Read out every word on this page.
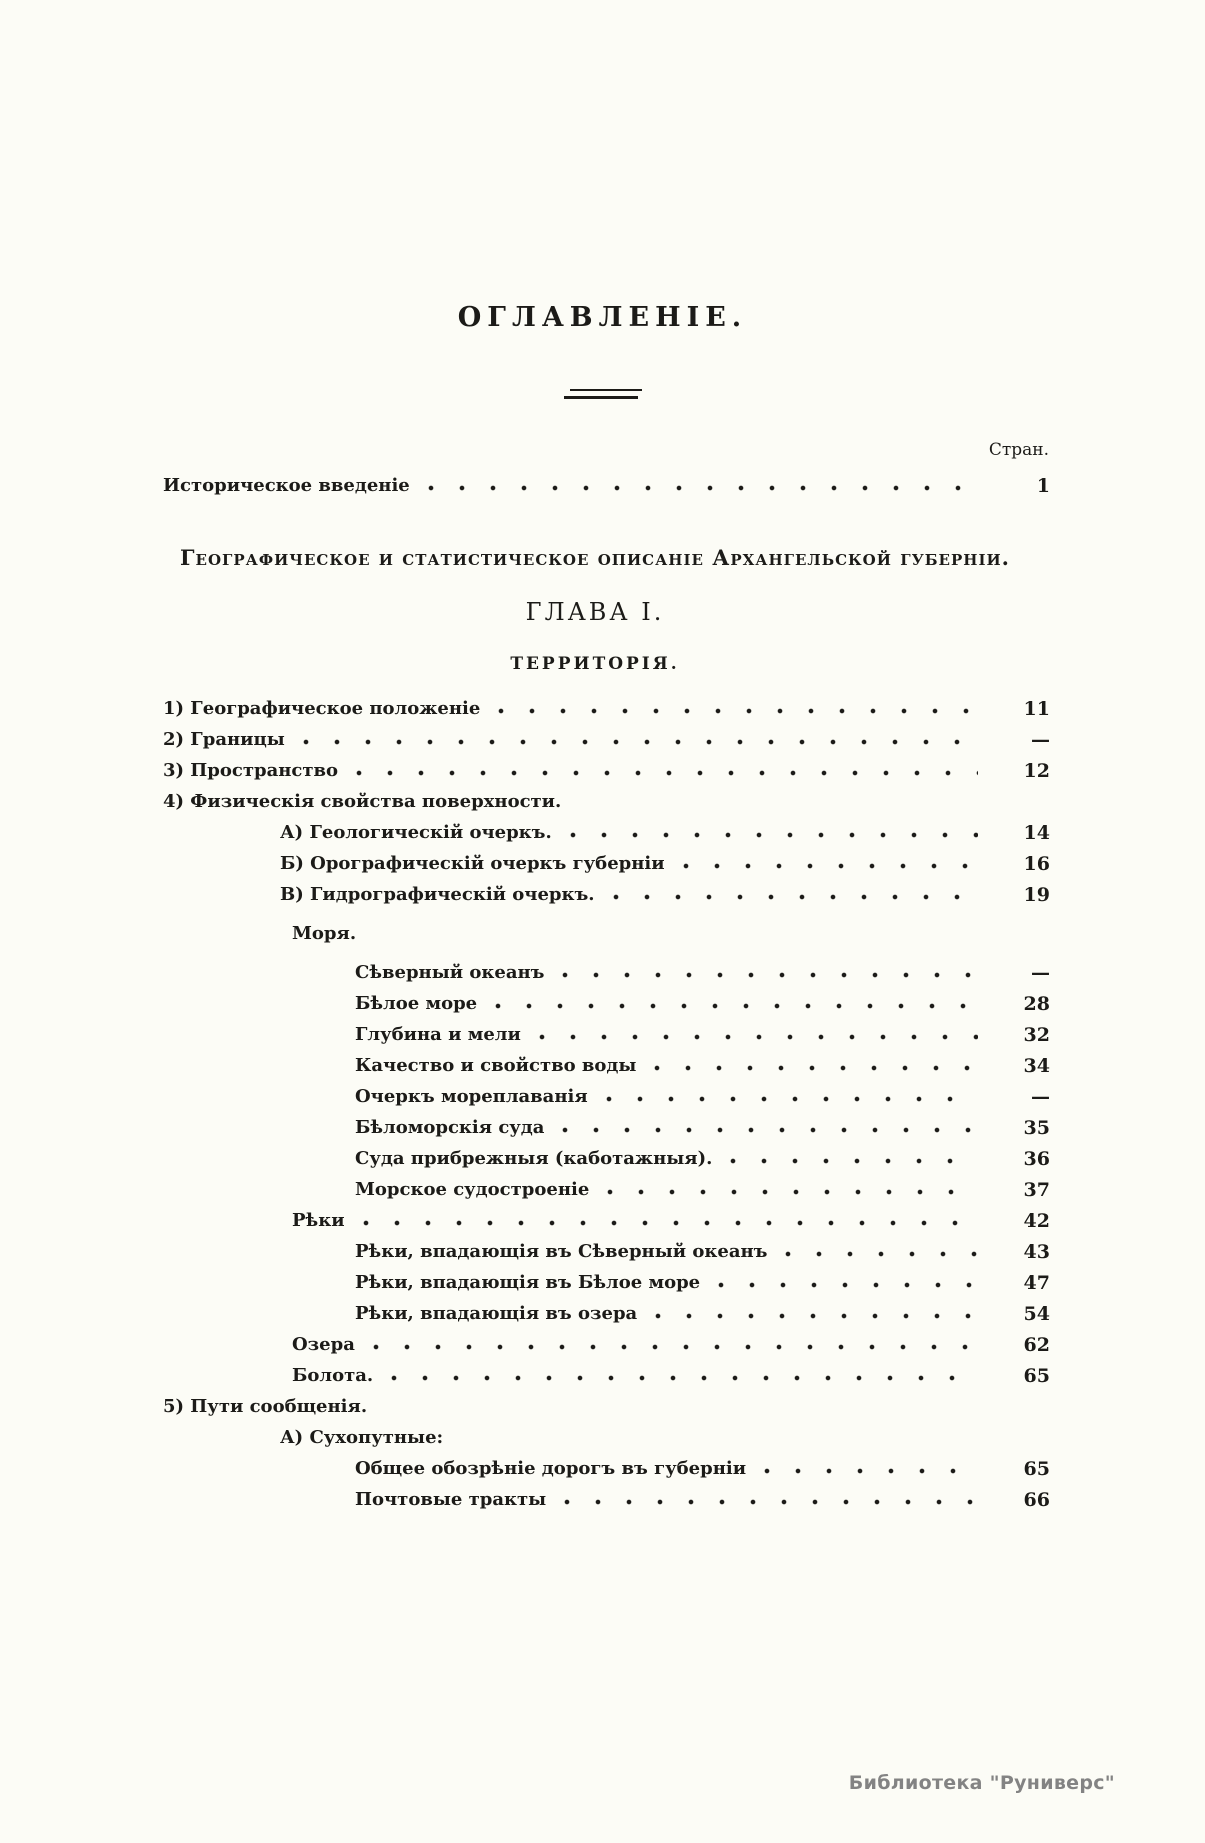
ОГЛАВЛЕНІЕ.
Стран.
Историческое введеніе	1
Географическое и статистическое описаніе Архангельской губерніи.
ГЛАВА I.
ТЕРРИТОРІЯ.
1) Географическое положеніе	11
2) Границы	—
3) Пространство	12
4) Физическія свойства поверхности.
А) Геологическій очеркъ.	14
Б) Орографическій очеркъ губерніи	16
В) Гидрографическій очеркъ.	19
Моря.
Сѣверный океанъ	—
Бѣлое море	28
Глубина и мели	32
Качество и свойство воды	34
Очеркъ мореплаванія	—
Бѣломорскія суда	35
Суда прибрежныя (каботажныя).	36
Морское судостроеніе	37
Рѣки	42
Рѣки, впадающія въ Сѣверный океанъ	43
Рѣки, впадающія въ Бѣлое море	47
Рѣки, впадающія въ озера	54
Озера	62
Болота.	65
5) Пути сообщенія.
А) Сухопутные:
Общее обозрѣніе дорогъ въ губерніи	65
Почтовые тракты	66
Библиотека "Руниверс"
